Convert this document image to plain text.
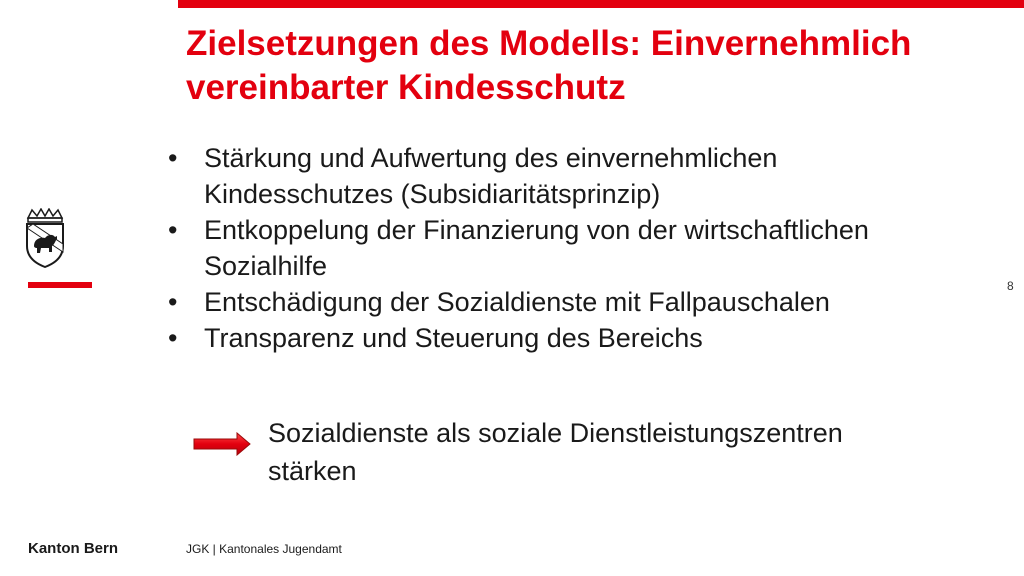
Zielsetzungen des Modells: Einvernehmlich
vereinbarter Kindesschutz
8
• Stärkung und Aufwertung des einvernehmlichen
Kindesschutzes (Subsidiaritätsprinzip)
• Entkoppelung der Finanzierung von der wirtschaftlichen
Sozialhilfe
• Entschädigung der Sozialdienste mit Fallpauschalen
• Transparenz und Steuerung des Bereichs
Sozialdienste als soziale Dienstleistungszentren
stärken
Kanton Bern	JGK | Kantonales Jugendamt
